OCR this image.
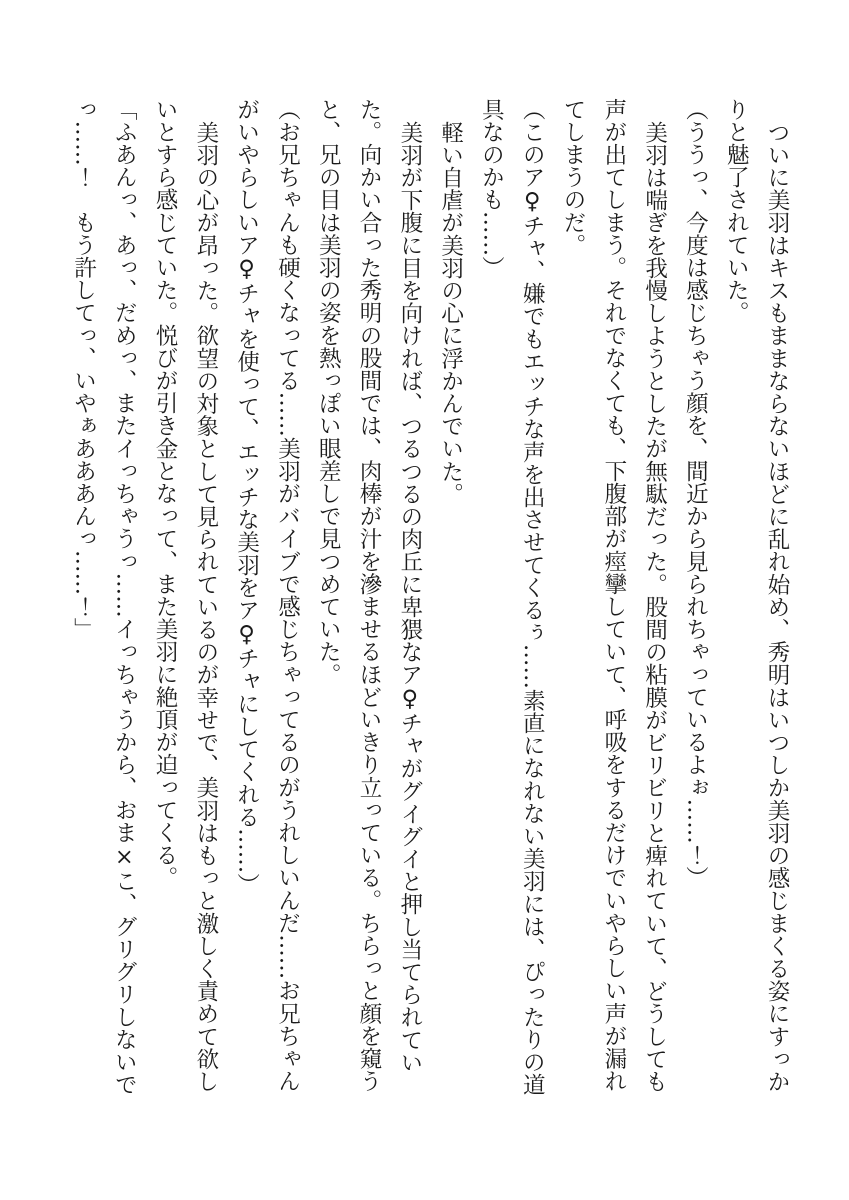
ついに美羽はキスもままならないほどに乱れ始め、秀明はいつしか美羽の感じまくる姿にすっかりと魅了されていた。

（ううっ、今度は感じちゃう顔を、間近から見られちゃっているよぉ……！）

美羽は喘ぎを我慢しようとしたが無駄だった。股間の粘膜がビリビリと痺れていて、どうしても声が出てしまう。それでなくても、下腹部が痙攣していて、呼吸をするだけでいやらしい声が漏れてしまうのだ。

（このア♀チャ、嫌でもエッチな声を出させてくるぅ……素直になれない美羽には、ぴったりの道具なのかも……）

軽い自虐が美羽の心に浮かんでいた。

美羽が下腹に目を向ければ、つるつるの肉丘に卑猥なア♀チャがグイグイと押し当てられていた。向かい合った秀明の股間では、肉棒が汁を滲ませるほどいきり立っている。ちらっと顔を窺うと、兄の目は美羽の姿を熱っぽい眼差しで見つめていた。

（お兄ちゃんも硬くなってる……美羽がバイブで感じちゃってるのがうれしいんだ……お兄ちゃんがいやらしいア♀チャを使って、エッチな美羽をア♀チャにしてくれる……）

美羽の心が昂った。欲望の対象として見られているのが幸せで、美羽はもっと激しく責めて欲しいとすら感じていた。悦びが引き金となって、また美羽に絶頂が迫ってくる。

「ふあんっ、あっ、だめっ、またイっちゃうっ……イっちゃうから、おま×こ、グリグリしないでっ……！　もう許してっ、いやぁあああんっ……！」
